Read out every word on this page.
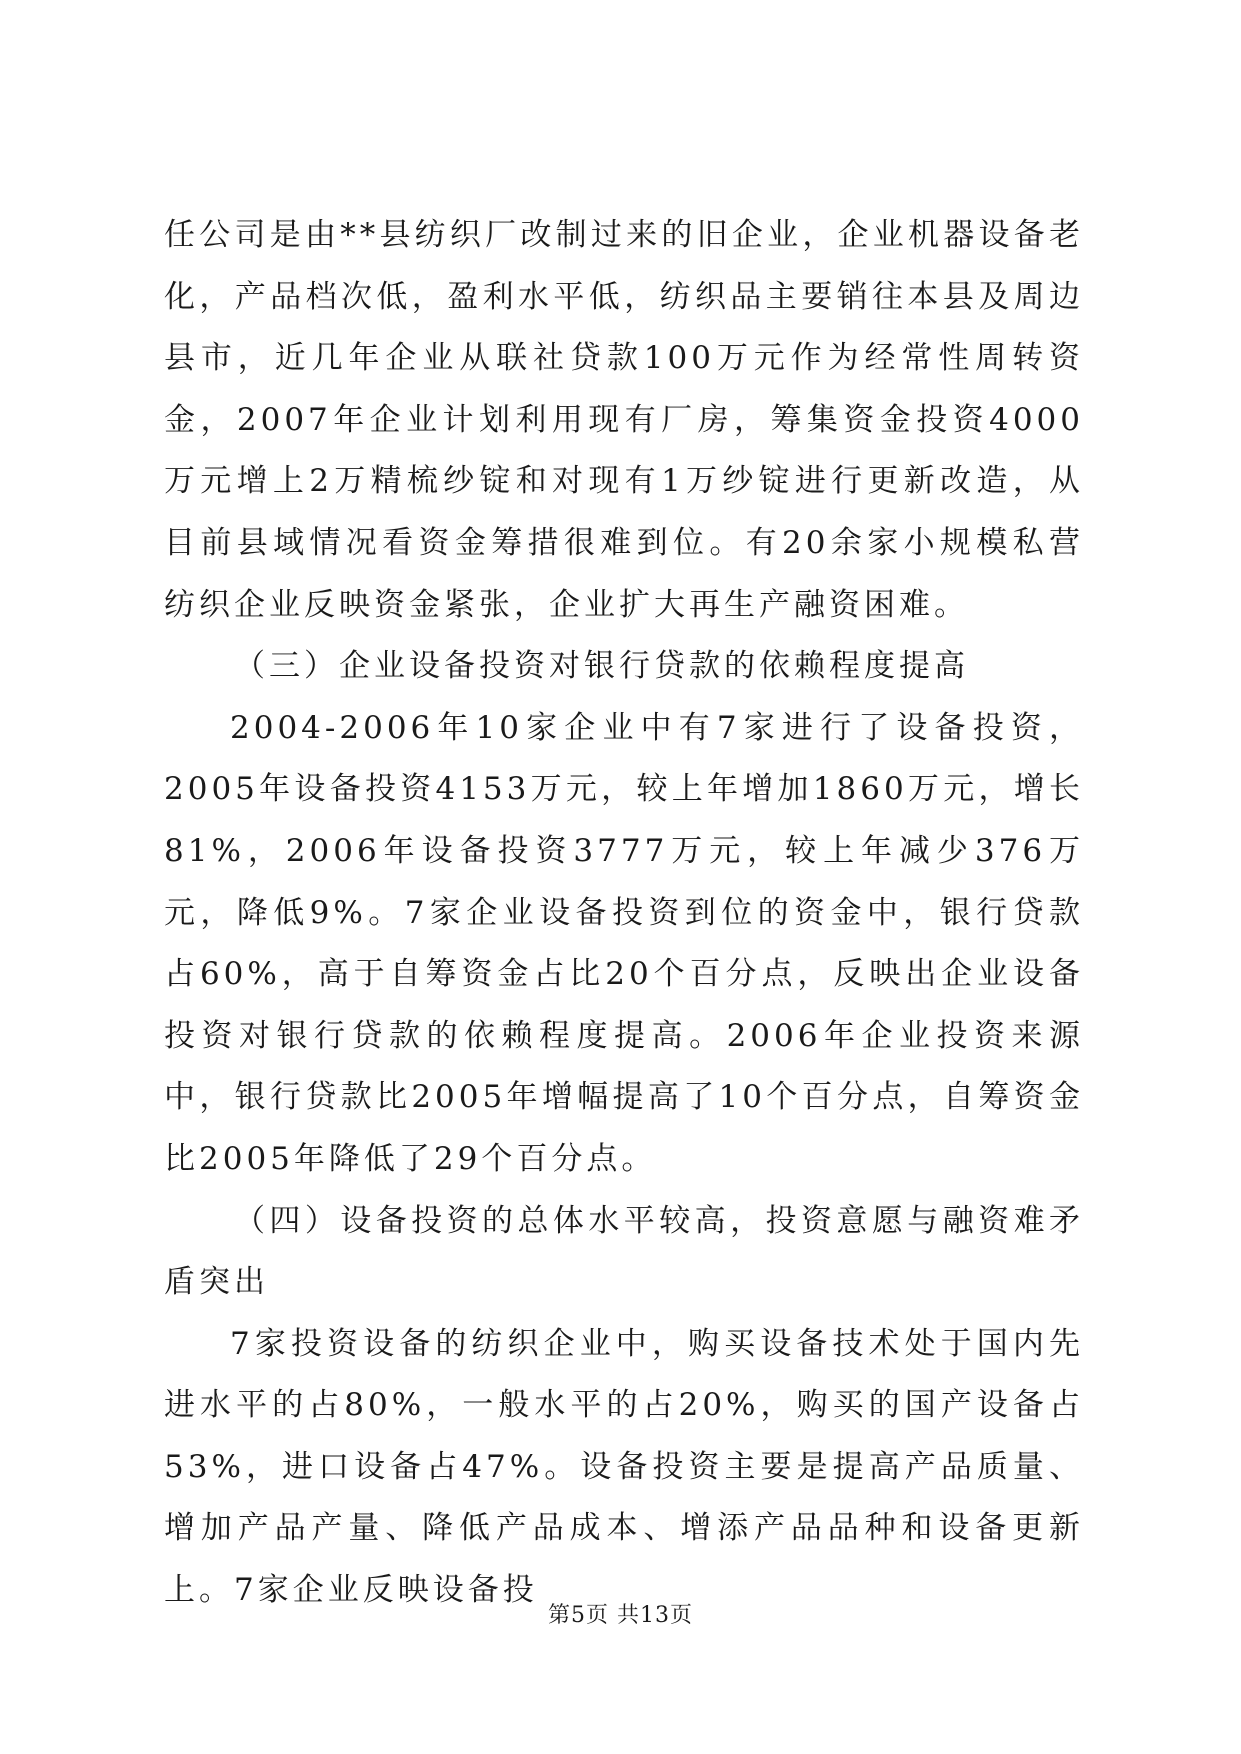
任公司是由**县纺织厂改制过来的旧企业，企业机器设备老化，产品档次低，盈利水平低，纺织品主要销往本县及周边县市，近几年企业从联社贷款100万元作为经常性周转资金，2007年企业计划利用现有厂房，筹集资金投资4000万元增上2万精梳纱锭和对现有1万纱锭进行更新改造，从目前县域情况看资金筹措很难到位。有20余家小规模私营纺织企业反映资金紧张，企业扩大再生产融资困难。

（三）企业设备投资对银行贷款的依赖程度提高

2004-2006年10家企业中有7家进行了设备投资，2005年设备投资4153万元，较上年增加1860万元，增长81%，2006年设备投资3777万元，较上年减少376万元，降低9%。7家企业设备投资到位的资金中，银行贷款占60%，高于自筹资金占比20个百分点，反映出企业设备投资对银行贷款的依赖程度提高。2006年企业投资来源中，银行贷款比2005年增幅提高了10个百分点，自筹资金比2005年降低了29个百分点。

（四）设备投资的总体水平较高，投资意愿与融资难矛盾突出

7家投资设备的纺织企业中，购买设备技术处于国内先进水平的占80%，一般水平的占20%，购买的国产设备占53%，进口设备占47%。设备投资主要是提高产品质量、增加产品产量、降低产品成本、增添产品品种和设备更新上。7家企业反映设备投

第5页 共13页
